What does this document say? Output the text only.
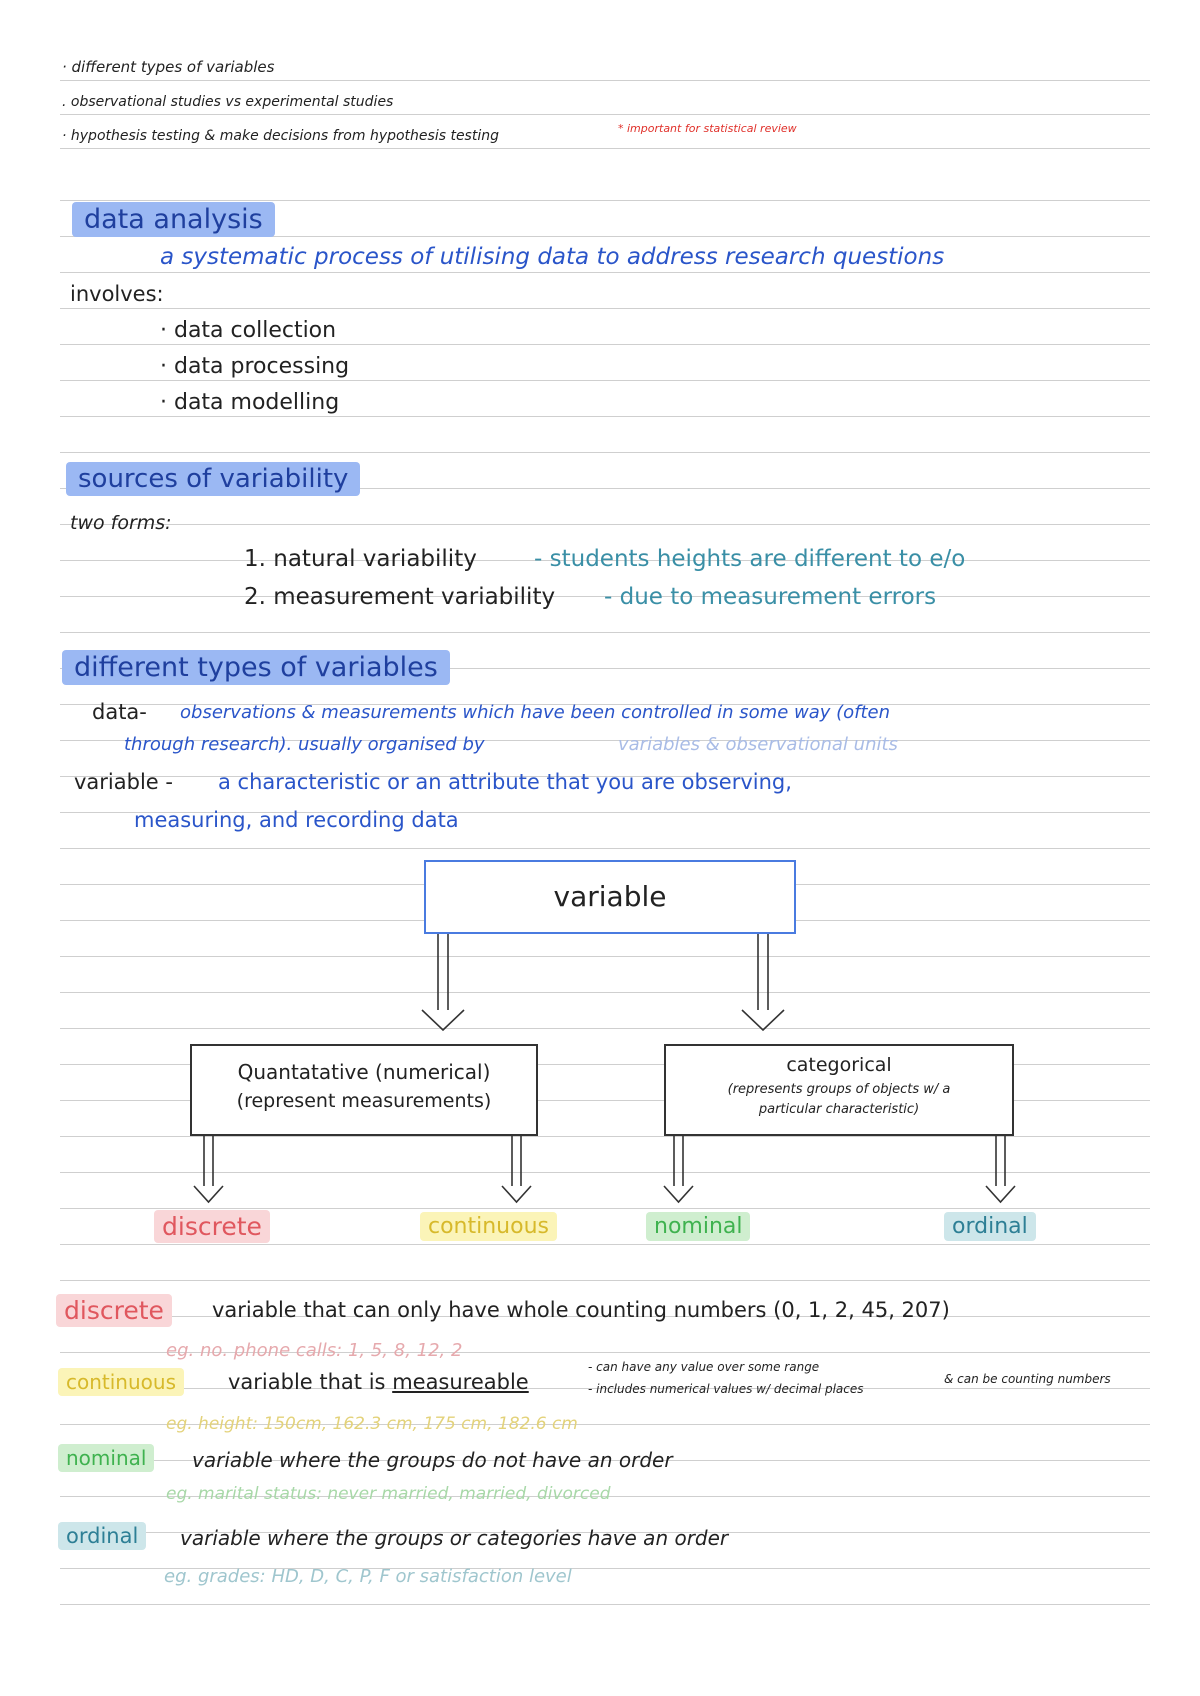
· different types of variables
. observational studies vs experimental studies
· hypothesis testing & make decisions from hypothesis testing	* important for statistical review
data analysis
a systematic process of utilising data to address research questions
involves:
· data collection
· data processing
· data modelling
sources of variability
two forms:
1. natural variability - students heights are different to e/o
2. measurement variability - due to measurement errors
different types of variables
data- observations & measurements which have been controlled in some way (often
through research). usually organised by	variables & observational units
variable - a characteristic or an attribute that you are observing,
measuring, and recording data
variable
Quantatative (numerical)
(represent measurements)
categorical
(represents groups of objects w/ a
particular characteristic)
discrete	continuous	nominal	ordinal
discrete	variable that can only have whole counting numbers (0, 1, 2, 45, 207)
eg. no. phone calls: 1, 5, 8, 12, 2
continuous	variable that is measureable
- can have any value over some range
- includes numerical values w/ decimal places
& can be counting numbers
eg. height: 150cm, 162.3 cm, 175 cm, 182.6 cm
nominal	variable where the groups do not have an order
eg. marital status: never married, married, divorced
ordinal	variable where the groups or categories have an order
eg. grades: HD, D, C, P, F or satisfaction level
